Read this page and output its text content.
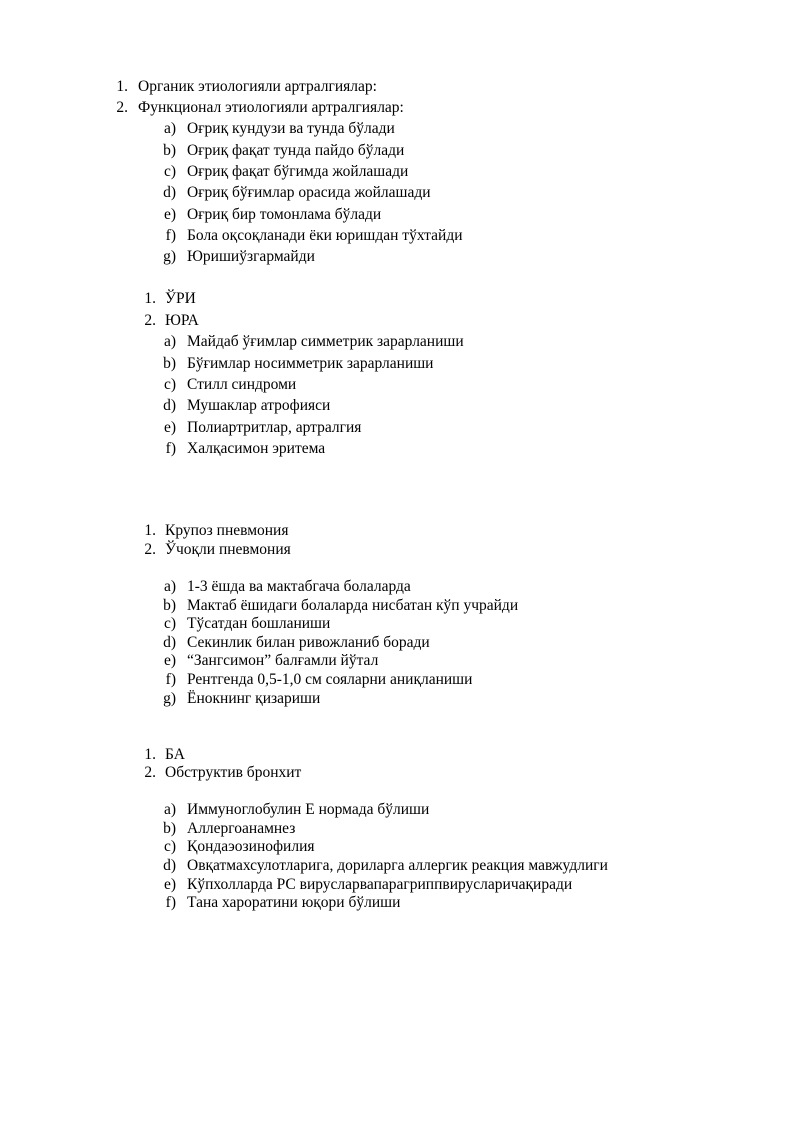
1. Органик этиологияли артралгиялар:
2. Функционал этиологияли артралгиялар:
a) Оғриқ кундузи ва тунда бўлади
b) Оғриқ фақат тунда пайдо бўлади
c) Оғриқ фақат бўгимда жойлашади
d) Оғриқ бўғимлар орасида жойлашади
e) Оғриқ бир томонлама бўлади
f) Бола оқсоқланади ёки юришдан тўхтайди
g) Юришиўзгармайди
1. ЎРИ
2. ЮРА
a) Майдаб ўғимлар симметрик зарарланиши
b) Бўғимлар носимметрик зарарланиши
c) Стилл синдроми
d) Мушаклар атрофияси
e) Полиартритлар, артралгия
f) Халқасимон эритема
1. Крупоз пневмония
2. Ўчоқли пневмония
a) 1-3 ёшда ва мактабгача болаларда
b) Мактаб ёшидаги болаларда нисбатан кўп учрайди
c) Тўсатдан бошланиши
d) Секинлик билан ривожланиб боради
e) “Зангсимон” балғамли йўтал
f) Рентгенда 0,5-1,0 см сояларни аниқланиши
g) Ёнокнинг қизариши
1. БА
2. Обструктив бронхит
a) Иммуноглобулин Е нормада бўлиши
b) Аллергоанамнез
c) Қондаэозинофилия
d) Овқатмахсулотларига, дориларга аллергик реакция мавжудлиги
e) Кўпхолларда РС вирусларвапарагриппвирусларичақиради
f) Тана хароратини юқори бўлиши
